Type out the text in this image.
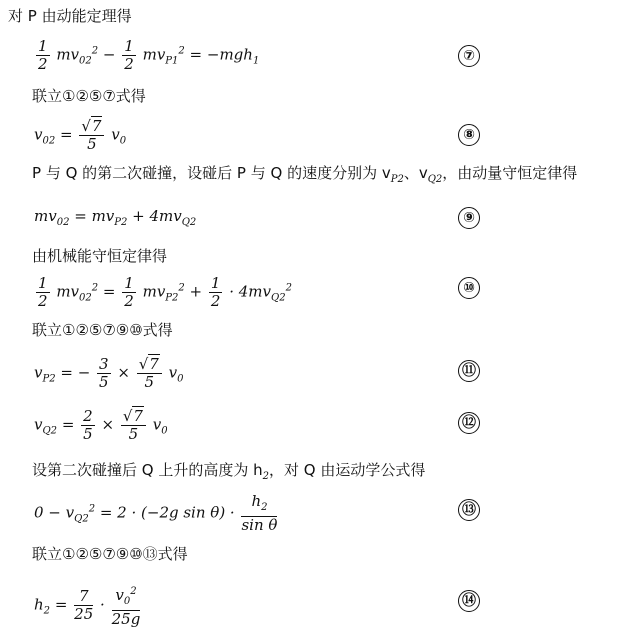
对 P 由动能定理得
$\frac{1}{2} mv_{02}^2 - \frac{1}{2} mv_{P1}^2 = -mgh_1$	⑦
联立①②⑤⑦式得
$v_{02} = \frac{√7}{5} v_0$	⑧
P 与 Q 的第二次碰撞，设碰后 P 与 Q 的速度分别为 $v_{P2}$、$v_{Q2}$，由动量守恒定律得
$mv_{02} = mv_{P2} + 4mv_{Q2}$	⑨
由机械能守恒定律得
$\frac{1}{2} mv_{02}^2 = \frac{1}{2} mv_{P2}^2 + \frac{1}{2} \cdot 4mv_{Q2}^2$	⑩
联立①②⑤⑦⑨⑩式得
$v_{P2}$ = − $\frac{3}{5} \times \frac{√7}{5} v_0$	⑪
$v_{Q2} = \frac{2}{5} \times \frac{√7}{5} v_0$	⑫
设第二次碰撞后 Q 上升的高度为 $h_2$，对 Q 由运动学公式得
$0 - v_{Q2}^2 = 2 \cdot (-2g$ $\sin \theta) \cdot \frac{h_2}{\text{sin θ}}$	⑬
联立①②⑤⑦⑨⑩⑬式得
$h_2 = \frac{7}{25} \cdot \frac{v_0^2}{25g}$	⑭
